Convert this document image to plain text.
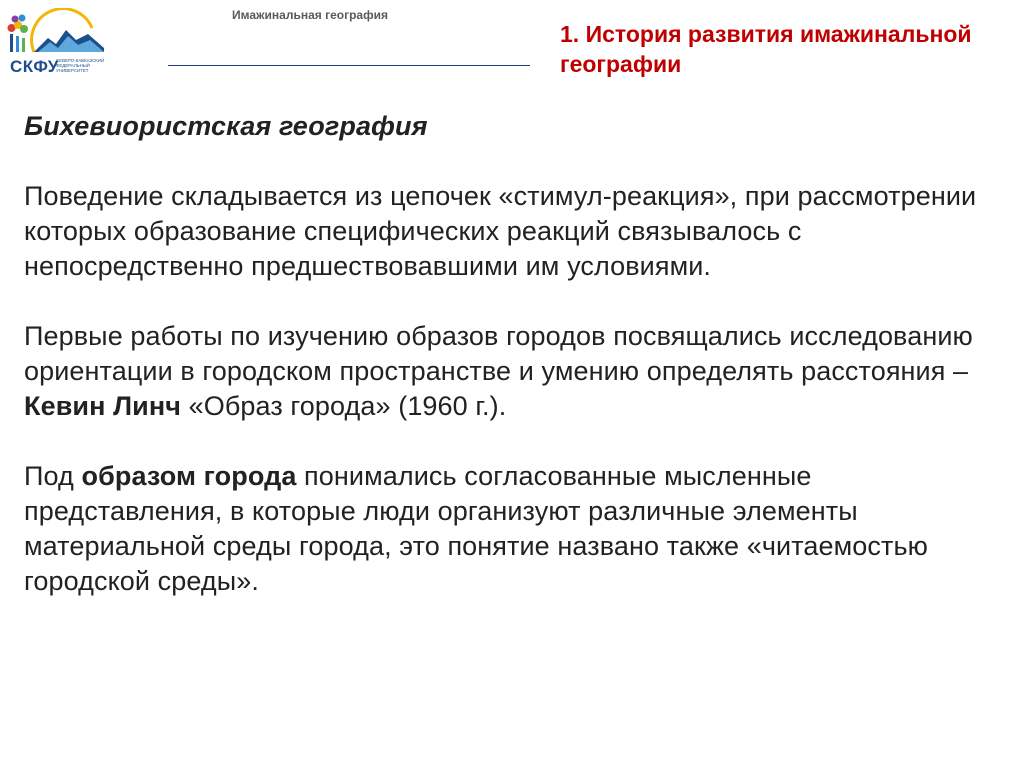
СКФУ
СЕВЕРО-КАВКАЗСКИЙ ФЕДЕРАЛЬНЫЙ УНИВЕРСИТЕТ
Имажинальная география
1. История развития имажинальной географии
Бихевиористская география

Поведение складывается из цепочек «стимул-реакция», при рассмотрении которых образование специфических реакций связывалось с непосредственно предшествовавшими им условиями.

Первые работы по изучению образов городов посвящались исследованию ориентации в городском пространстве и умению определять расстояния – Кевин Линч «Образ города» (1960 г.).

Под образом города понимались согласованные мысленные представления, в которые люди организуют различные элементы материальной среды города, это понятие названо также «читаемостью городской среды».
